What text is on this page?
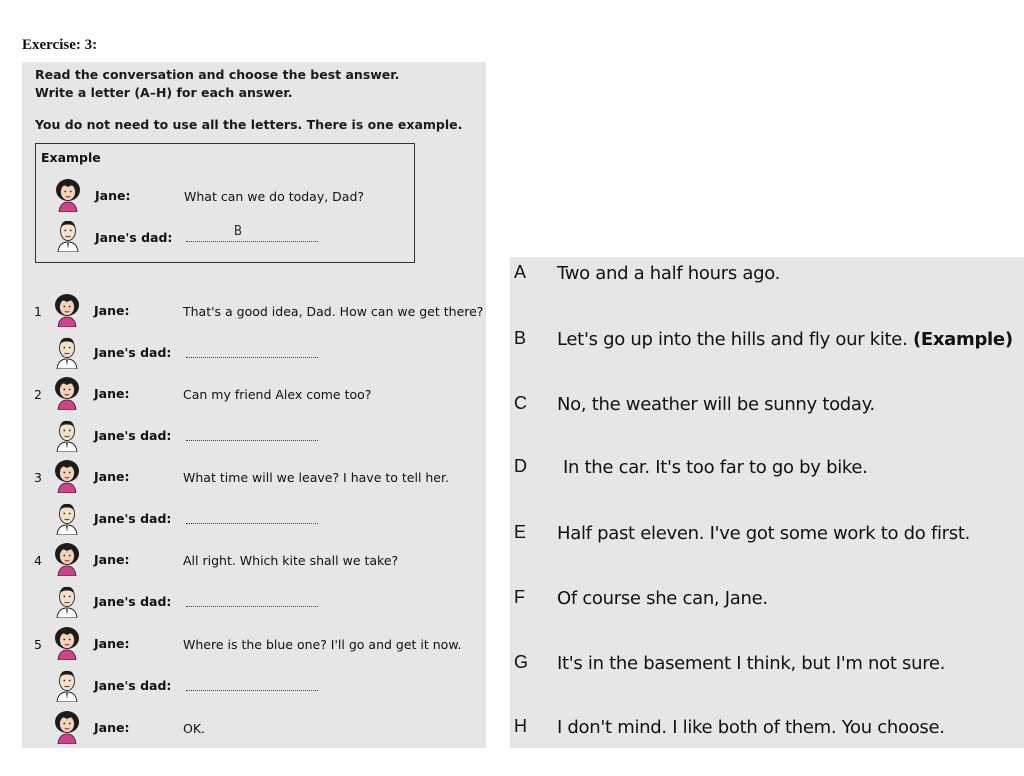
Exercise: 3:
Read the conversation and choose the best answer.
Write a letter (A–H) for each answer.
You do not need to use all the letters. There is one example.
Example
Jane:	What can we do today, Dad?
Jane's dad:	B
1	Jane:	That's a good idea, Dad. How can we get there?
Jane's dad:
2	Jane:	Can my friend Alex come too?
Jane's dad:
3	Jane:	What time will we leave? I have to tell her.
Jane's dad:
4	Jane:	All right. Which kite shall we take?
Jane's dad:
5	Jane:	Where is the blue one? I'll go and get it now.
Jane's dad:
Jane:	OK.
A Two and a half hours ago.
B Let's go up into the hills and fly our kite. (Example)
C No, the weather will be sunny today.
D In the car. It's too far to go by bike.
E Half past eleven. I've got some work to do first.
F Of course she can, Jane.
G It's in the basement I think, but I'm not sure.
H I don't mind. I like both of them. You choose.
